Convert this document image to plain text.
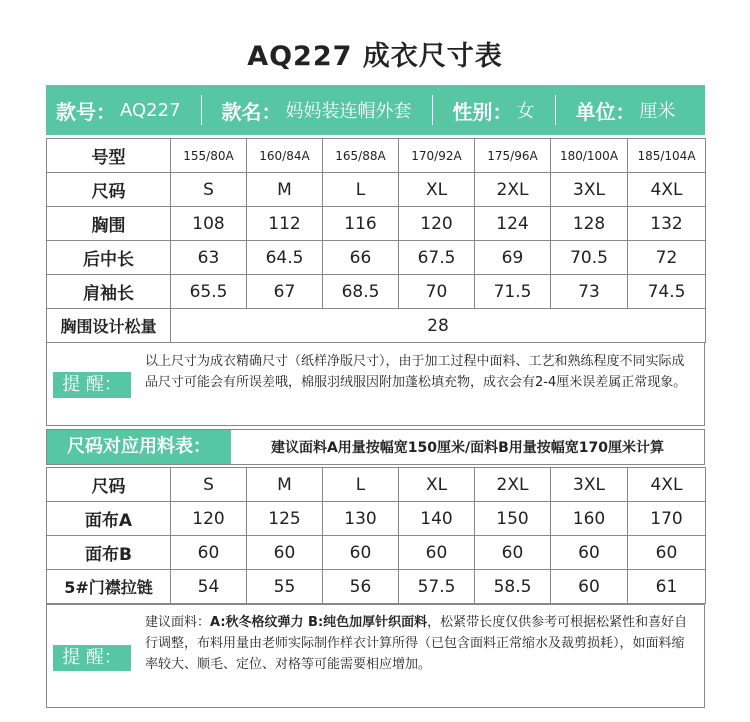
AQ227 成衣尺寸表
款号： AQ227 款名： 妈妈装连帽外套 性别： 女 单位： 厘米
号型	155/80A	160/84A	165/88A	170/92A	175/96A	180/100A	185/104A
尺码	S	M	L	XL	2XL	3XL	4XL
胸围	108	112	116	120	124	128	132
后中长	63	64.5	66	67.5	69	70.5	72
肩袖长	65.5	67	68.5	70	71.5	73	74.5
胸围设计松量	28						
提 醒：
以上尺寸为成衣精确尺寸（纸样净版尺寸），由于加工过程中面料、工艺和熟练程度不同实际成品尺寸可能会有所误差哦，棉服羽绒服因附加蓬松填充物，成衣会有2-4厘米误差属正常现象。
尺码对应用料表：	建议面料A用量按幅宽150厘米/面料B用量按幅宽170厘米计算
尺码	S	M	L	XL	2XL	3XL	4XL
面布A	120	125	130	140	150	160	170
面布B	60	60	60	60	60	60	60
5#门襟拉链	54	55	56	57.5	58.5	60	61
提 醒：
建议面料：A:秋冬格纹弹力 B:纯色加厚针织面料，松紧带长度仅供参考可根据松紧性和喜好自行调整，布料用量由老师实际制作样衣计算所得（已包含面料正常缩水及裁剪损耗），如面料缩率较大、顺毛、定位、对格等可能需要相应增加。
